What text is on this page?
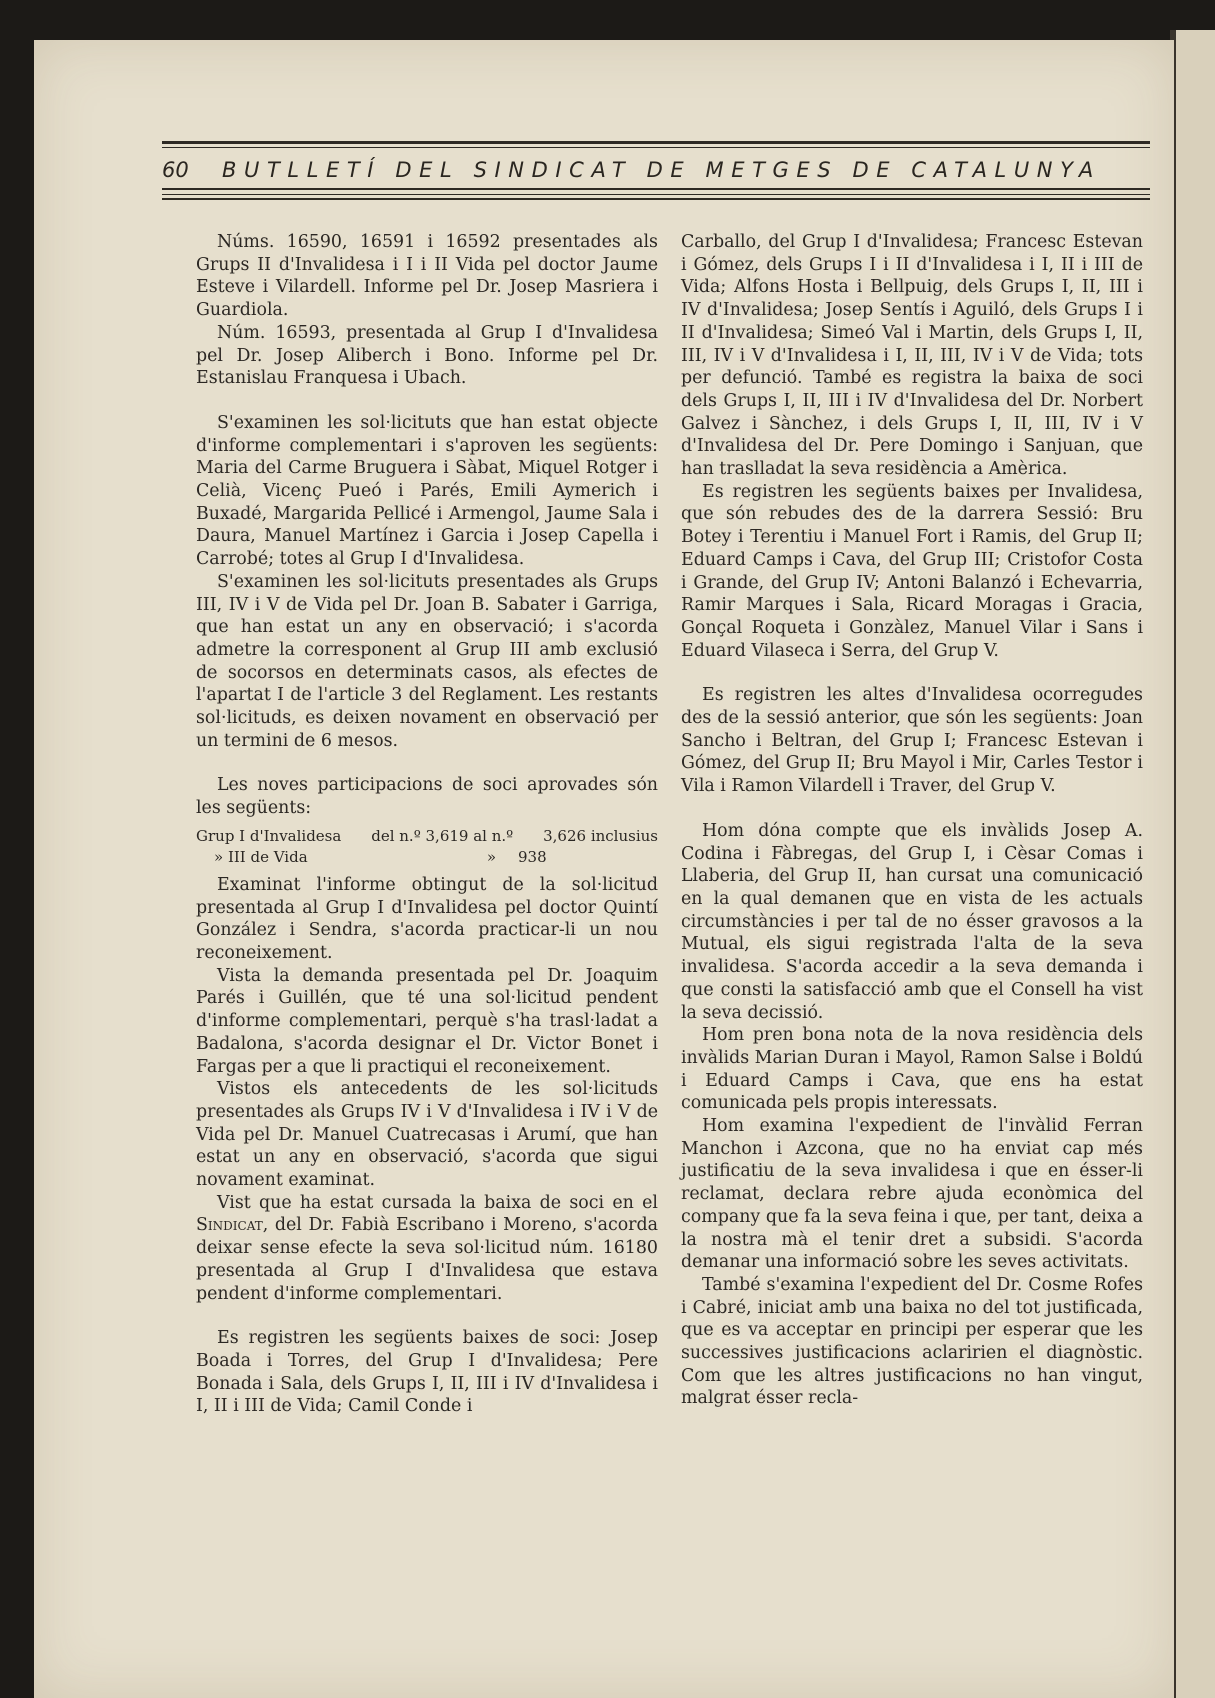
60	BUTLLETÍ DEL SINDICAT DE METGES DE CATALUNYA

Núms. 16590, 16591 i 16592 presentades als Grups II d'Invalidesa i I i II Vida pel doctor Jaume Esteve i Vilardell. Informe pel Dr. Josep Masriera i Guardiola.

Núm. 16593, presentada al Grup I d'Invalidesa pel Dr. Josep Aliberch i Bono. Informe pel Dr. Estanislau Franquesa i Ubach.

S'examinen les sol·licituts que han estat objecte d'informe complementari i s'aproven les següents: Maria del Carme Bruguera i Sàbat, Miquel Rotger i Celià, Vicenç Pueó i Parés, Emili Aymerich i Buxadé, Margarida Pellicé i Armengol, Jaume Sala i Daura, Manuel Martínez i Garcia i Josep Capella i Carrobé; totes al Grup I d'Invalidesa.

S'examinen les sol·licituts presentades als Grups III, IV i V de Vida pel Dr. Joan B. Sabater i Garriga, que han estat un any en observació; i s'acorda admetre la corresponent al Grup III amb exclusió de socorsos en determinats casos, als efectes de l'apartat I de l'article 3 del Reglament. Les restants sol·licituds, es deixen novament en observació per un termini de 6 mesos.

Les noves participacions de soci aprovades són les següents:

Grup I d'Invalidesa	del n.º 3,619 al n.º	3,626 inclusius
» III de Vida	»	938

Examinat l'informe obtingut de la sol·licitud presentada al Grup I d'Invalidesa pel doctor Quintí González i Sendra, s'acorda practicar-li un nou reconeixement.

Vista la demanda presentada pel Dr. Joaquim Parés i Guillén, que té una sol·licitud pendent d'informe complementari, perquè s'ha trasl·ladat a Badalona, s'acorda designar el Dr. Victor Bonet i Fargas per a que li practiqui el reconeixement.

Vistos els antecedents de les sol·licituds presentades als Grups IV i V d'Invalidesa i IV i V de Vida pel Dr. Manuel Cuatrecasas i Arumí, que han estat un any en observació, s'acorda que sigui novament examinat.

Vist que ha estat cursada la baixa de soci en el Sindicat, del Dr. Fabià Escribano i Moreno, s'acorda deixar sense efecte la seva sol·licitud núm. 16180 presentada al Grup I d'Invalidesa que estava pendent d'informe complementari.

Es registren les següents baixes de soci: Josep Boada i Torres, del Grup I d'Invalidesa; Pere Bonada i Sala, dels Grups I, II, III i IV d'Invalidesa i I, II i III de Vida; Camil Conde i

Carballo, del Grup I d'Invalidesa; Francesc Estevan i Gómez, dels Grups I i II d'Invalidesa i I, II i III de Vida; Alfons Hosta i Bellpuig, dels Grups I, II, III i IV d'Invalidesa; Josep Sentís i Aguiló, dels Grups I i II d'Invalidesa; Simeó Val i Martin, dels Grups I, II, III, IV i V d'Invalidesa i I, II, III, IV i V de Vida; tots per defunció. També es registra la baixa de soci dels Grups I, II, III i IV d'Invalidesa del Dr. Norbert Galvez i Sànchez, i dels Grups I, II, III, IV i V d'Invalidesa del Dr. Pere Domingo i Sanjuan, que han traslladat la seva residència a Amèrica.

Es registren les següents baixes per Invalidesa, que són rebudes des de la darrera Sessió: Bru Botey i Terentiu i Manuel Fort i Ramis, del Grup II; Eduard Camps i Cava, del Grup III; Cristofor Costa i Grande, del Grup IV; Antoni Balanzó i Echevarria, Ramir Marques i Sala, Ricard Moragas i Gracia, Gonçal Roqueta i Gonzàlez, Manuel Vilar i Sans i Eduard Vilaseca i Serra, del Grup V.

Es registren les altes d'Invalidesa ocorregudes des de la sessió anterior, que són les següents: Joan Sancho i Beltran, del Grup I; Francesc Estevan i Gómez, del Grup II; Bru Mayol i Mir, Carles Testor i Vila i Ramon Vilardell i Traver, del Grup V.

Hom dóna compte que els invàlids Josep A. Codina i Fàbregas, del Grup I, i Cèsar Comas i Llaberia, del Grup II, han cursat una comunicació en la qual demanen que en vista de les actuals circumstàncies i per tal de no ésser gravosos a la Mutual, els sigui registrada l'alta de la seva invalidesa. S'acorda accedir a la seva demanda i que consti la satisfacció amb que el Consell ha vist la seva decissió.

Hom pren bona nota de la nova residència dels invàlids Marian Duran i Mayol, Ramon Salse i Boldú i Eduard Camps i Cava, que ens ha estat comunicada pels propis interessats.

Hom examina l'expedient de l'invàlid Ferran Manchon i Azcona, que no ha enviat cap més justificatiu de la seva invalidesa i que en ésser-li reclamat, declara rebre ajuda econòmica del company que fa la seva feina i que, per tant, deixa a la nostra mà el tenir dret a subsidi. S'acorda demanar una informació sobre les seves activitats.

També s'examina l'expedient del Dr. Cosme Rofes i Cabré, iniciat amb una baixa no del tot justificada, que es va acceptar en principi per esperar que les successives justificacions aclaririen el diagnòstic. Com que les altres justificacions no han vingut, malgrat ésser recla-
